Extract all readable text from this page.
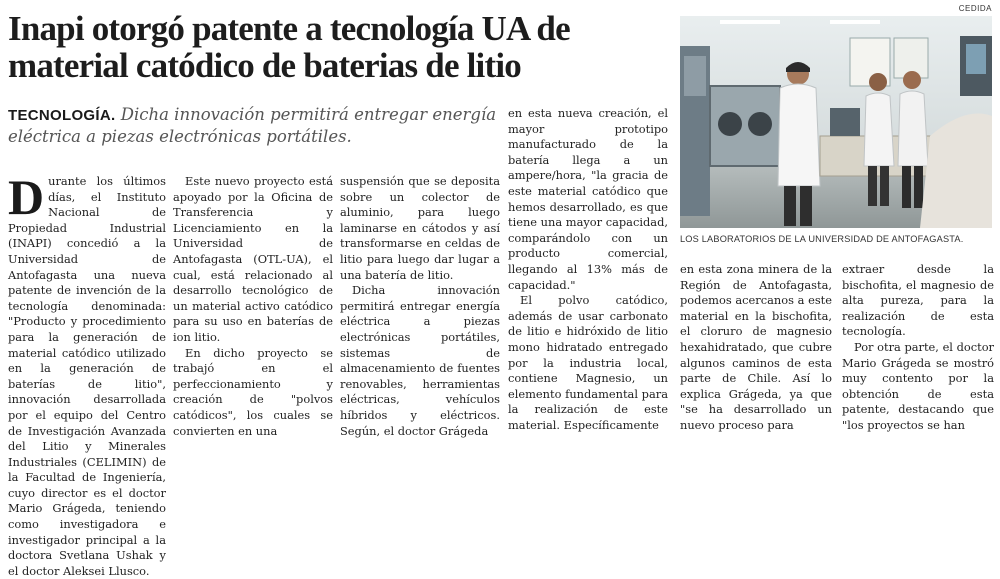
Inapi otorgó patente a tecnología UA de material catódico de baterias de litio
TECNOLOGÍA. Dicha innovación permitirá entregar energía eléctrica a piezas electrónicas portátiles.
CEDIDA
LOS LABORATORIOS DE LA UNIVERSIDAD DE ANTOFAGASTA.

Durante los últimos días, el Instituto Nacional de Propiedad Industrial (INAPI) concedió a la Universidad de Antofagasta una nueva patente de invención de la tecnología denominada: "Producto y procedimiento para la generación de material catódico utilizado en la generación de baterías de litio", innovación desarrollada por el equipo del Centro de Investigación Avanzada del Litio y Minerales Industriales (CELIMIN) de la Facultad de Ingeniería, cuyo director es el doctor Mario Grágeda, teniendo como investigadora e investigador principal a la doctora Svetlana Ushak y el doctor Aleksei Llusco.

Este nuevo proyecto está apoyado por la Oficina de Transferencia y Licenciamiento en la Universidad de Antofagasta (OTL-UA), el cual, está relacionado al desarrollo tecnológico de un material activo catódico para su uso en baterías de ion litio.

En dicho proyecto se trabajó en el perfeccionamiento y creación de "polvos catódicos", los cuales se convierten en una

suspensión que se deposita sobre un colector de aluminio, para luego laminarse en cátodos y así transformarse en celdas de litio para luego dar lugar a una batería de litio.

Dicha innovación permitirá entregar energía eléctrica a piezas electrónicas portátiles, sistemas de almacenamiento de fuentes renovables, herramientas eléctricas, vehículos híbridos y eléctricos. Según, el doctor Grágeda

en esta nueva creación, el mayor prototipo manufacturado de la batería llega a un ampere/hora, "la gracia de este material catódico que hemos desarrollado, es que tiene una mayor capacidad, comparándolo con un producto comercial, llegando al 13% más de capacidad."

El polvo catódico, además de usar carbonato de litio e hidróxido de litio mono hidratado entregado por la industria local, contiene Magnesio, un elemento fundamental para la realización de este material. Específicamente

en esta zona minera de la Región de Antofagasta, podemos acercanos a este material en la bischofita, el cloruro de magnesio hexahidratado, que cubre algunos caminos de esta parte de Chile. Así lo explica Grágeda, ya que "se ha desarrollado un nuevo proceso para

extraer desde la bischofita, el magnesio de alta pureza, para la realización de esta tecnología.

Por otra parte, el doctor Mario Grágeda se mostró muy contento por la obtención de esta patente, destacando que "los proyectos se han
